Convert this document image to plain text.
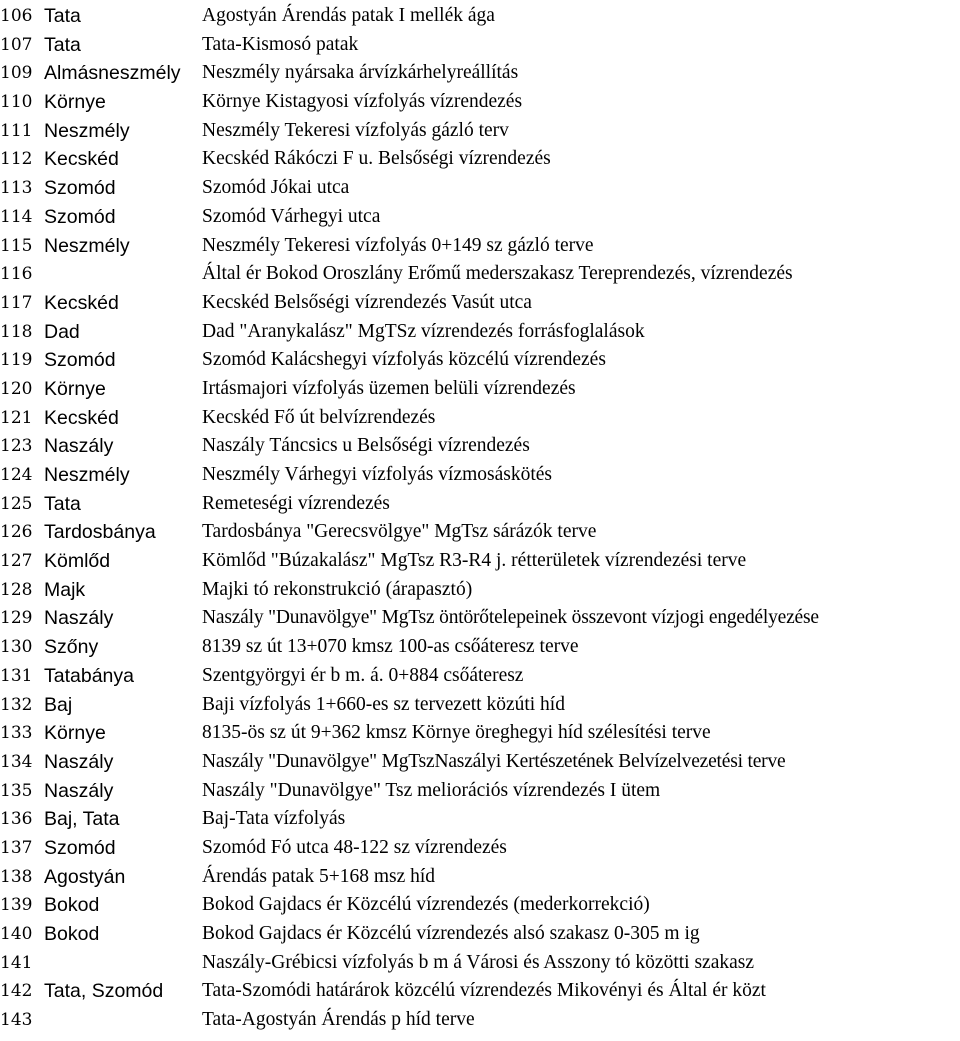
106 Tata	Agostyán Árendás patak I mellék ága
107 Tata	Tata-Kismosó patak
109 Almásneszmély	Neszmély nyársaka árvízkárhelyreállítás
110 Környe	Környe Kistagyosi vízfolyás vízrendezés
111 Neszmély	Neszmély Tekeresi vízfolyás gázló terv
112 Kecskéd	Kecskéd Rákóczi F u. Belsőségi vízrendezés
113 Szomód	Szomód Jókai utca
114 Szomód	Szomód Várhegyi utca
115 Neszmély	Neszmély Tekeresi vízfolyás 0+149 sz gázló terve
116	Által ér Bokod Oroszlány Erőmű mederszakasz Tereprendezés, vízrendezés
117 Kecskéd	Kecskéd Belsőségi vízrendezés Vasút utca
118 Dad	Dad "Aranykalász" MgTSz vízrendezés forrásfoglalások
119 Szomód	Szomód Kalácshegyi vízfolyás közcélú vízrendezés
120 Környe	Irtásmajori vízfolyás üzemen belüli vízrendezés
121 Kecskéd	Kecskéd Fő út belvízrendezés
123 Naszály	Naszály Táncsics u Belsőségi vízrendezés
124 Neszmély	Neszmély Várhegyi vízfolyás vízmosáskötés
125 Tata	Remeteségi vízrendezés
126 Tardosbánya	Tardosbánya "Gerecsvölgye" MgTsz sárázók terve
127 Kömlőd	Kömlőd "Búzakalász" MgTsz R3-R4 j. rétterületek vízrendezési terve
128 Majk	Majki tó rekonstrukció (árapasztó)
129 Naszály	Naszály "Dunavölgye" MgTsz öntörőtelepeinek összevont vízjogi engedélyezése
130 Szőny	8139 sz út 13+070 kmsz 100-as csőáteresz terve
131 Tatabánya	Szentgyörgyi ér b m. á. 0+884 csőáteresz
132 Baj	Baji vízfolyás 1+660-es sz tervezett közúti híd
133 Környe	8135-ös sz út 9+362 kmsz Környe öreghegyi híd szélesítési terve
134 Naszály	Naszály "Dunavölgye" MgTszNaszályi Kertészetének Belvízelvezetési terve
135 Naszály	Naszály "Dunavölgye" Tsz meliorációs vízrendezés I ütem
136 Baj, Tata	Baj-Tata vízfolyás
137 Szomód	Szomód Fó utca 48-122 sz vízrendezés
138 Agostyán	Árendás patak 5+168 msz híd
139 Bokod	Bokod Gajdacs ér Közcélú vízrendezés (mederkorrekció)
140 Bokod	Bokod Gajdacs ér Közcélú vízrendezés alsó szakasz 0-305 m ig
141	Naszály-Grébicsi vízfolyás b m á Városi és Asszony tó közötti szakasz
142 Tata, Szomód	Tata-Szomódi határárok közcélú vízrendezés Mikovényi és Által ér közt
143	Tata-Agostyán Árendás p híd terve
